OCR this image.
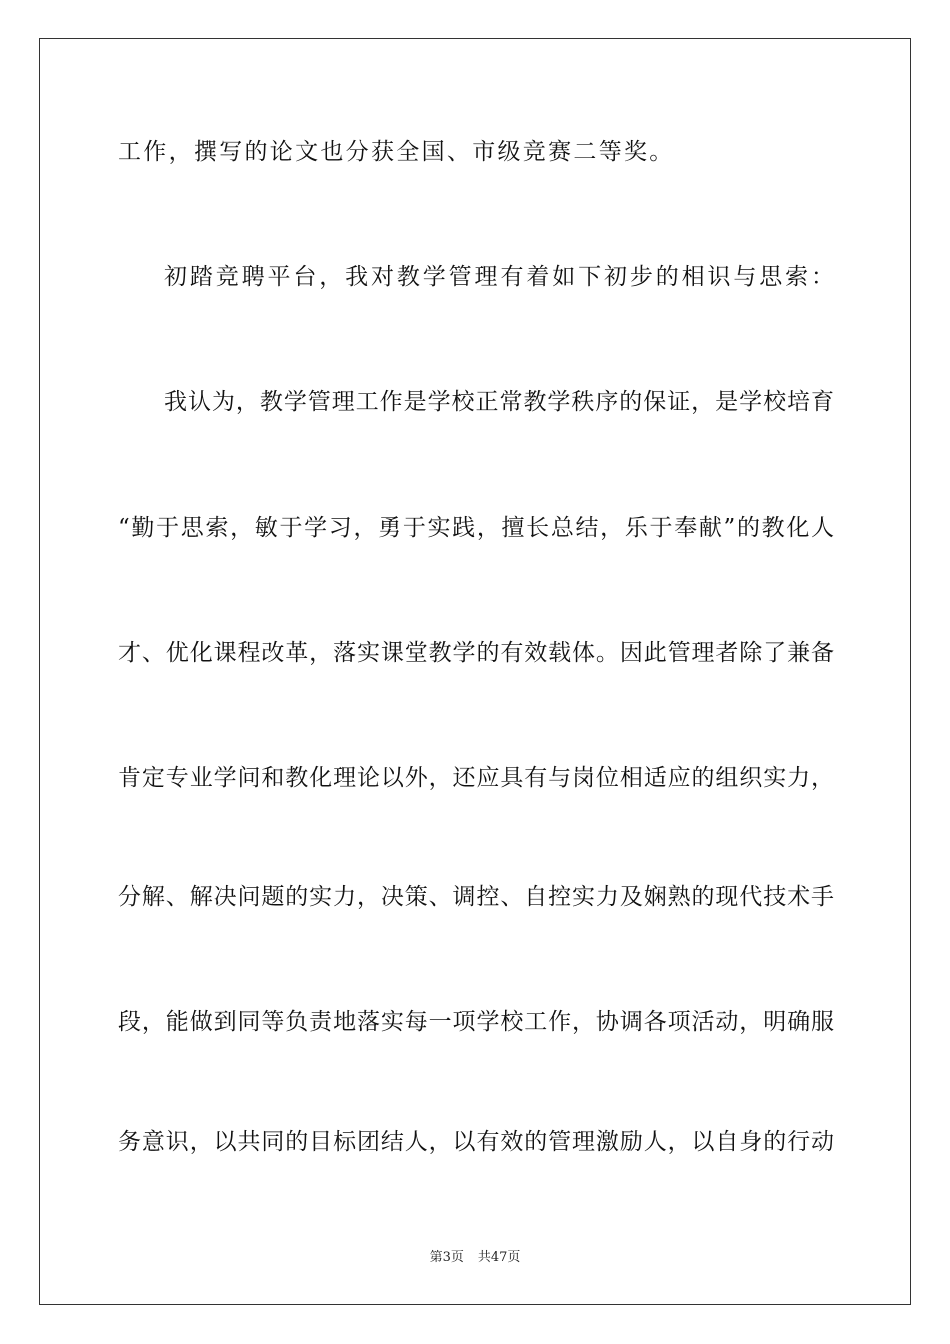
工作，撰写的论文也分获全国、市级竞赛二等奖。
初踏竞聘平台，我对教学管理有着如下初步的相识与思索：
我认为，教学管理工作是学校正常教学秩序的保证，是学校培育
“勤于思索，敏于学习，勇于实践，擅长总结，乐于奉献”的教化人
才、优化课程改革，落实课堂教学的有效载体。因此管理者除了兼备
肯定专业学问和教化理论以外，还应具有与岗位相适应的组织实力，
分解、解决问题的实力，决策、调控、自控实力及娴熟的现代技术手
段，能做到同等负责地落实每一项学校工作，协调各项活动，明确服
务意识，以共同的目标团结人，以有效的管理激励人，以自身的行动
第3页 共47页
